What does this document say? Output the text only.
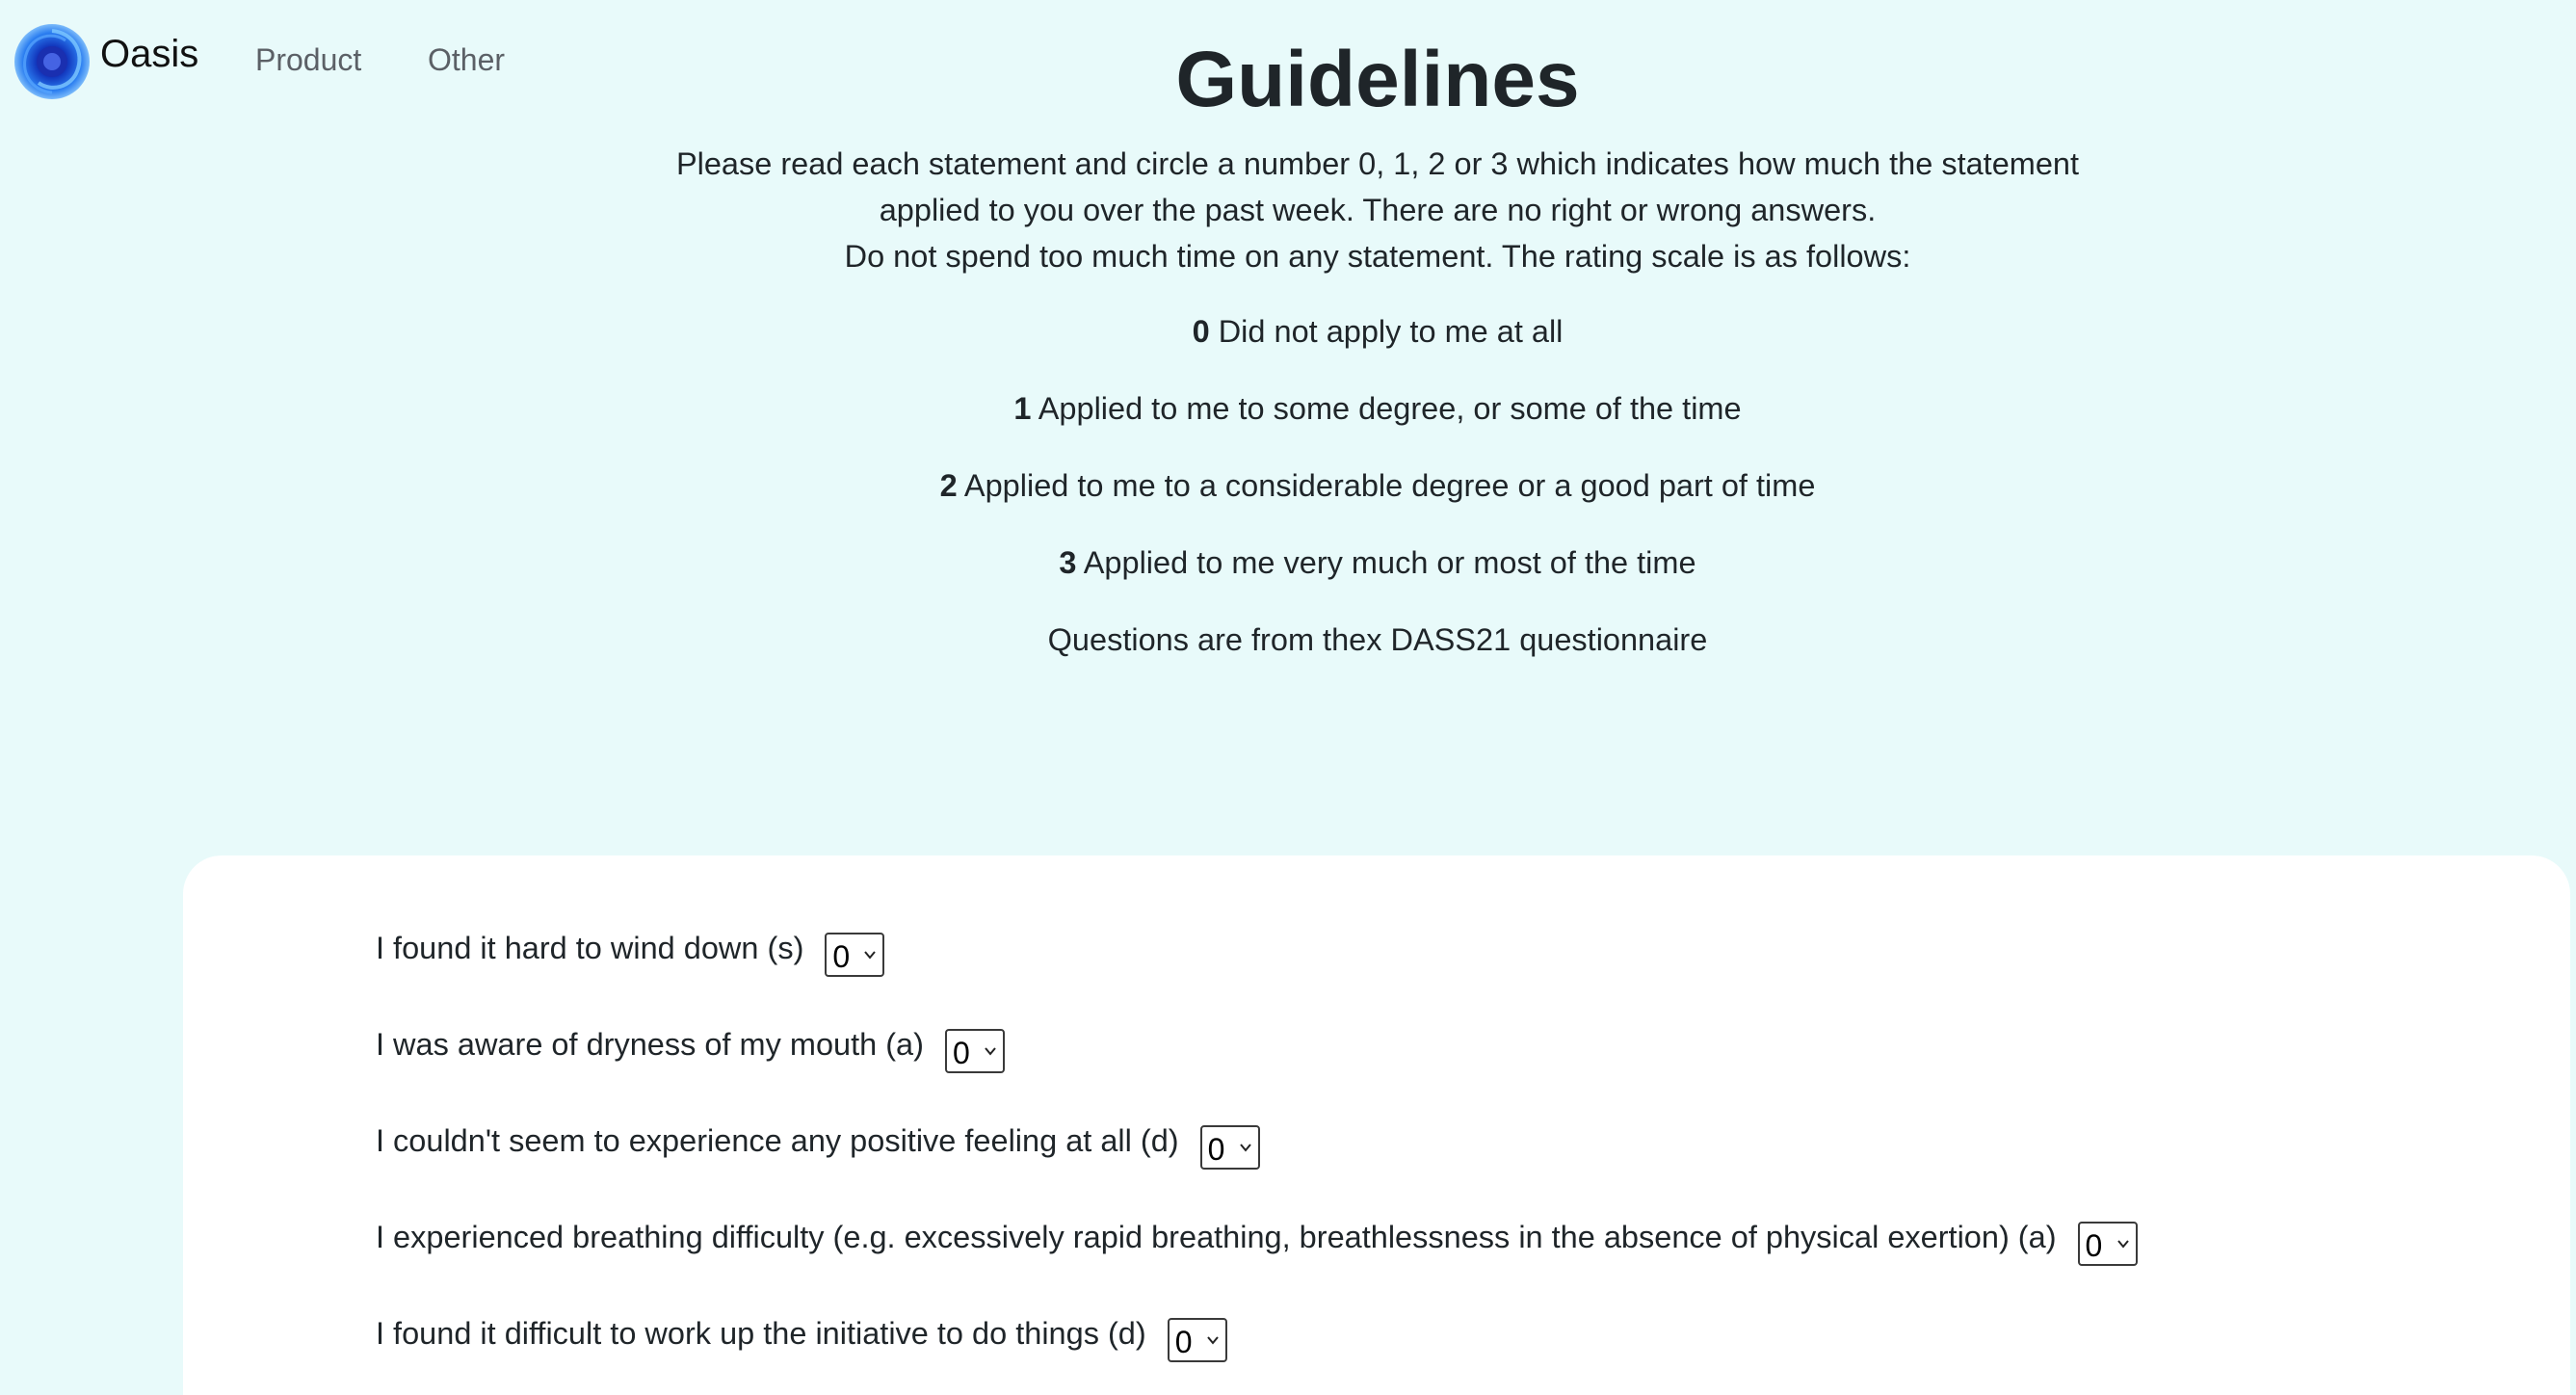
Oasis Product Other	Guidelines
Please read each statement and circle a number 0, 1, 2 or 3 which indicates how much the statement
applied to you over the past week. There are no right or wrong answers.
Do not spend too much time on any statement. The rating scale is as follows:
0 Did not apply to me at all
1 Applied to me to some degree, or some of the time
2 Applied to me to a considerable degree or a good part of time
3 Applied to me very much or most of the time
Questions are from thex DASS21 questionnaire
I found it hard to wind down (s) 0
I was aware of dryness of my mouth (a) 0
I couldn't seem to experience any positive feeling at all (d) 0
I experienced breathing difficulty (e.g. excessively rapid breathing, breathlessness in the absence of physical exertion) (a) 0
I found it difficult to work up the initiative to do things (d) 0
